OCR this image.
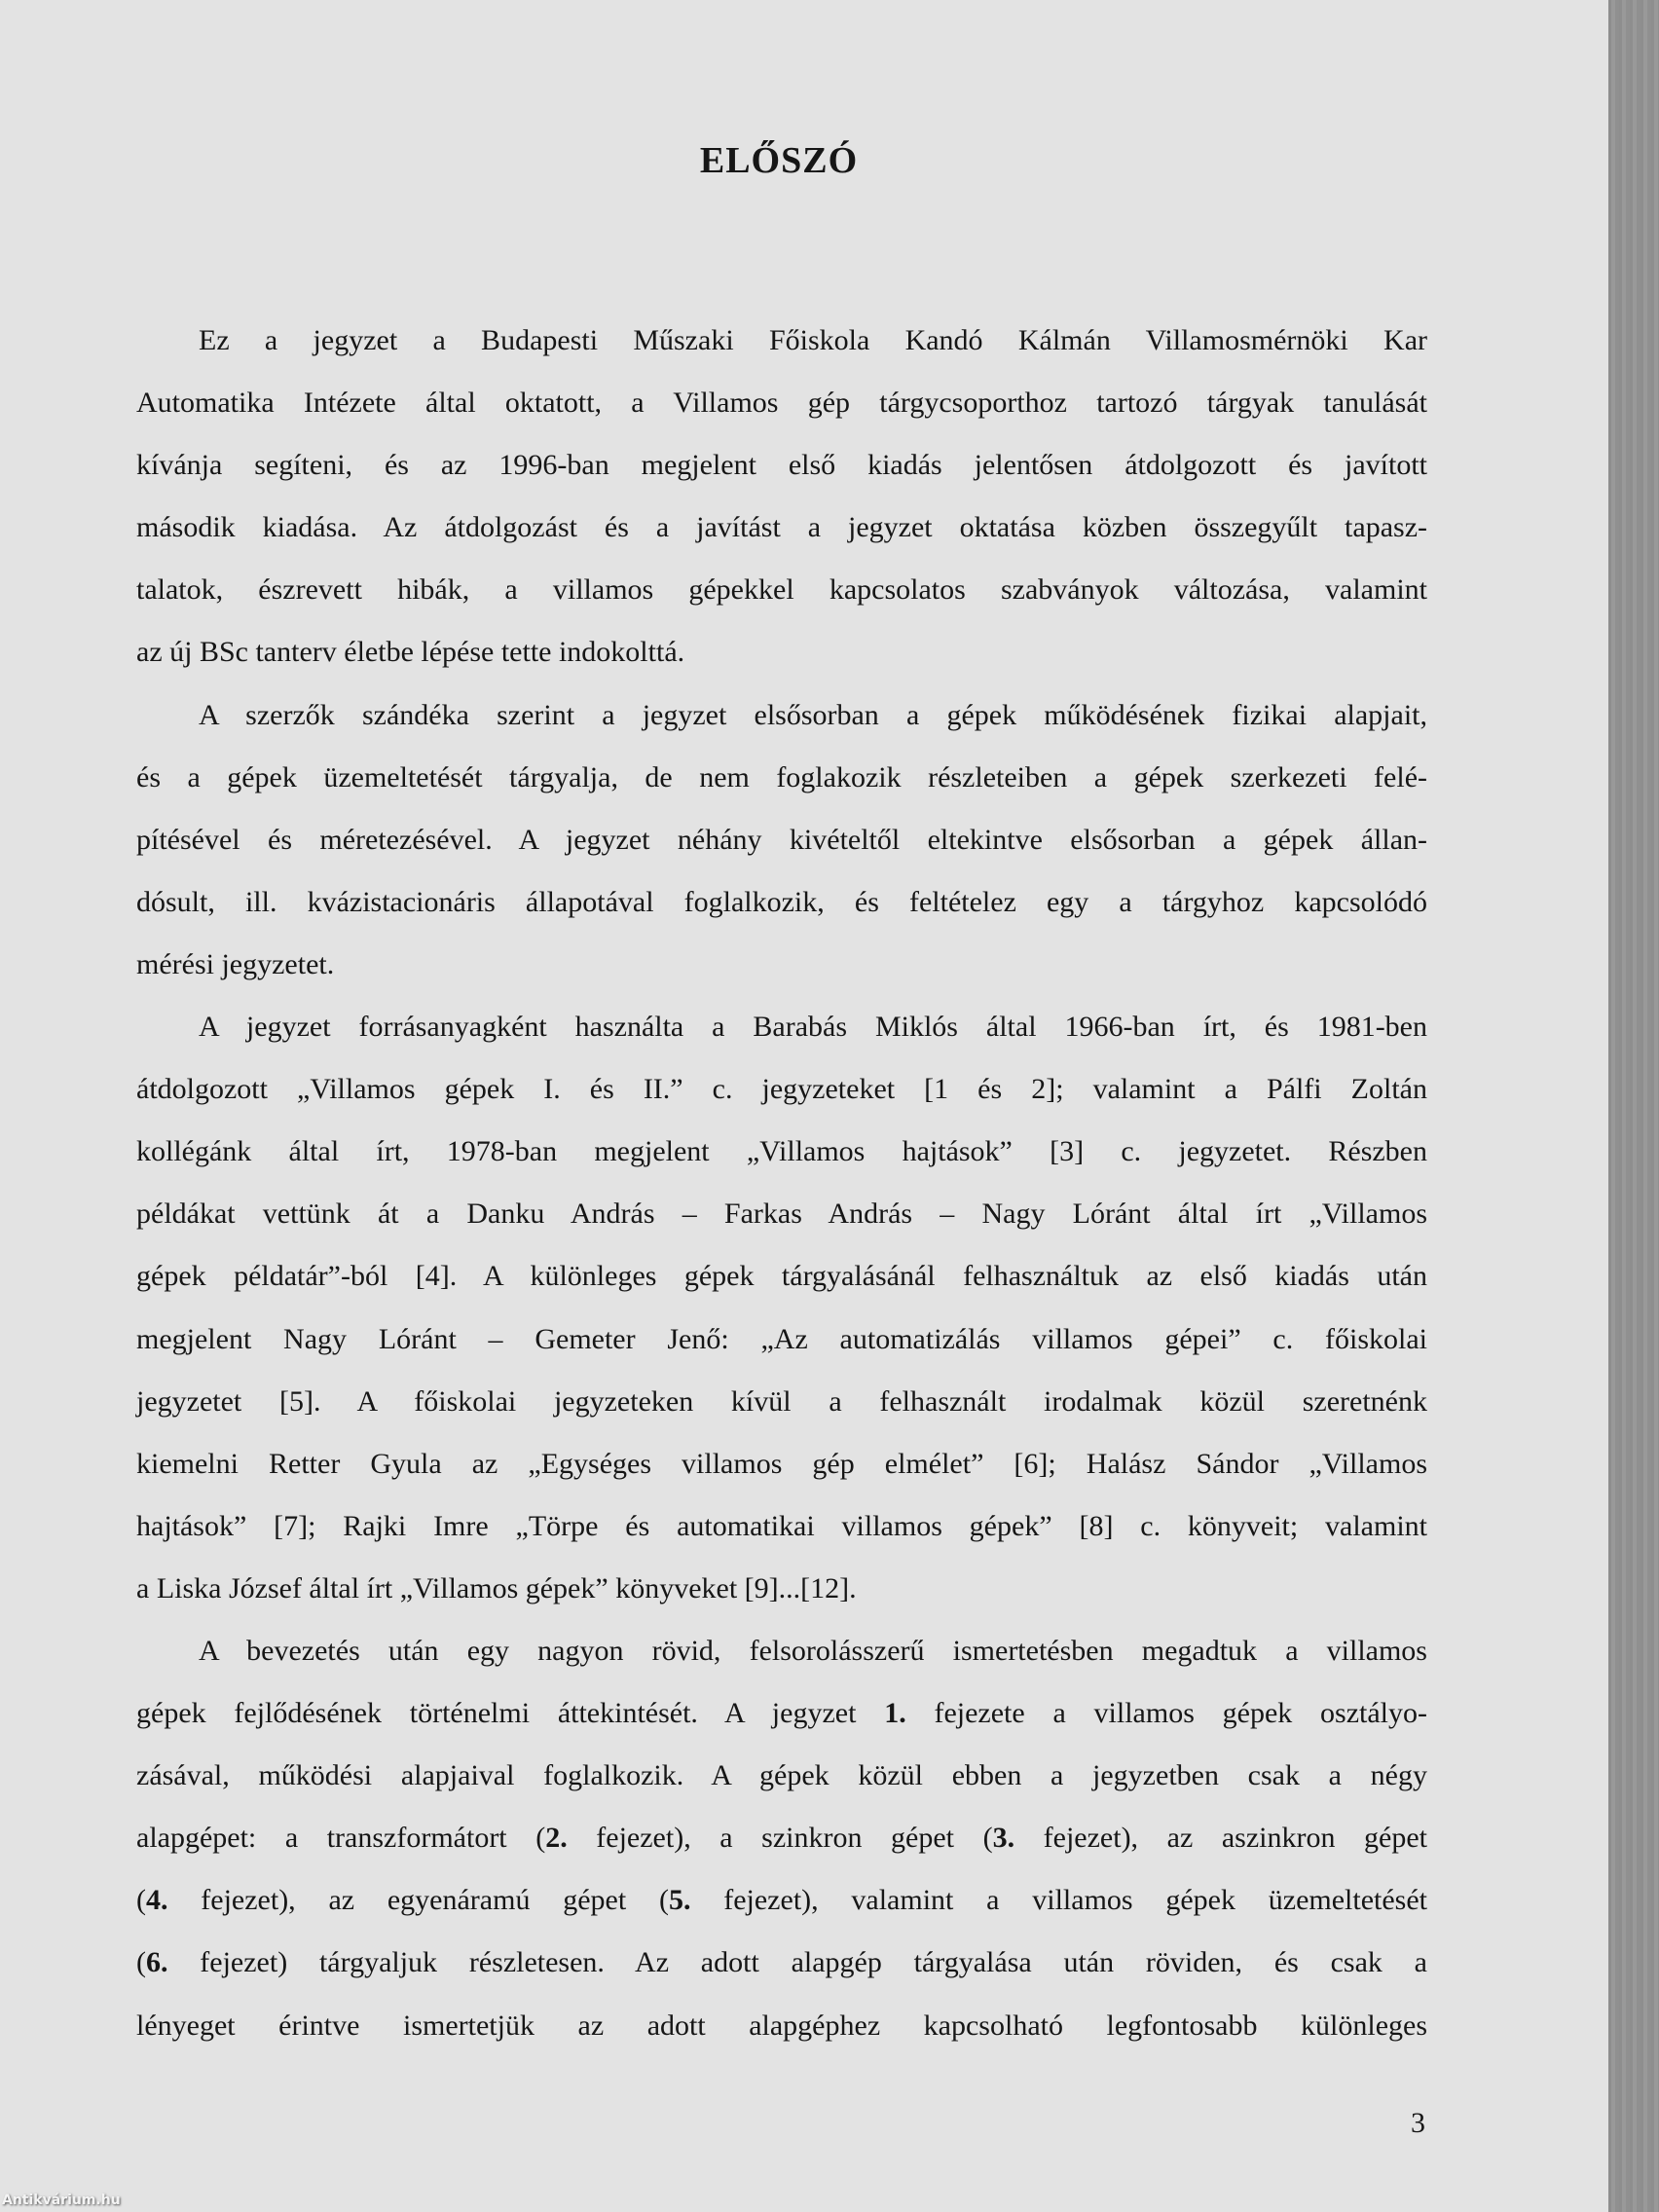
ELŐSZÓ
Ez a jegyzet a Budapesti Műszaki Főiskola Kandó Kálmán Villamosmérnöki Kar
Automatika Intézete által oktatott, a Villamos gép tárgycsoporthoz tartozó tárgyak tanulását
kívánja segíteni, és az 1996-ban megjelent első kiadás jelentősen átdolgozott és javított
második kiadása. Az átdolgozást és a javítást a jegyzet oktatása közben összegyűlt tapasz-
talatok, észrevett hibák, a villamos gépekkel kapcsolatos szabványok változása, valamint
az új BSc tanterv életbe lépése tette indokolttá.
A szerzők szándéka szerint a jegyzet elsősorban a gépek működésének fizikai alapjait,
és a gépek üzemeltetését tárgyalja, de nem foglakozik részleteiben a gépek szerkezeti felé-
pítésével és méretezésével. A jegyzet néhány kivételtől eltekintve elsősorban a gépek állan-
dósult, ill. kvázistacionáris állapotával foglalkozik, és feltételez egy a tárgyhoz kapcsolódó
mérési jegyzetet.
A jegyzet forrásanyagként használta a Barabás Miklós által 1966-ban írt, és 1981-ben
átdolgozott „Villamos gépek I. és II.” c. jegyzeteket [1 és 2]; valamint a Pálfi Zoltán
kollégánk által írt, 1978-ban megjelent „Villamos hajtások” [3] c. jegyzetet. Részben
példákat vettünk át a Danku András – Farkas András – Nagy Lóránt által írt „Villamos
gépek példatár”-ból [4]. A különleges gépek tárgyalásánál felhasználtuk az első kiadás után
megjelent Nagy Lóránt – Gemeter Jenő: „Az automatizálás villamos gépei” c. főiskolai
jegyzetet [5]. A főiskolai jegyzeteken kívül a felhasznált irodalmak közül szeretnénk
kiemelni Retter Gyula az „Egységes villamos gép elmélet” [6]; Halász Sándor „Villamos
hajtások” [7]; Rajki Imre „Törpe és automatikai villamos gépek” [8] c. könyveit; valamint
a Liska József által írt „Villamos gépek” könyveket [9]...[12].
A bevezetés után egy nagyon rövid, felsorolásszerű ismertetésben megadtuk a villamos
gépek fejlődésének történelmi áttekintését. A jegyzet 1. fejezete a villamos gépek osztályo-
zásával, működési alapjaival foglalkozik. A gépek közül ebben a jegyzetben csak a négy
alapgépet: a transzformátort (2. fejezet), a szinkron gépet (3. fejezet), az aszinkron gépet
(4. fejezet), az egyenáramú gépet (5. fejezet), valamint a villamos gépek üzemeltetését
(6. fejezet) tárgyaljuk részletesen. Az adott alapgép tárgyalása után röviden, és csak a
lényeget érintve ismertetjük az adott alapgéphez kapcsolható legfontosabb különleges
3
Antikvárium.hu
